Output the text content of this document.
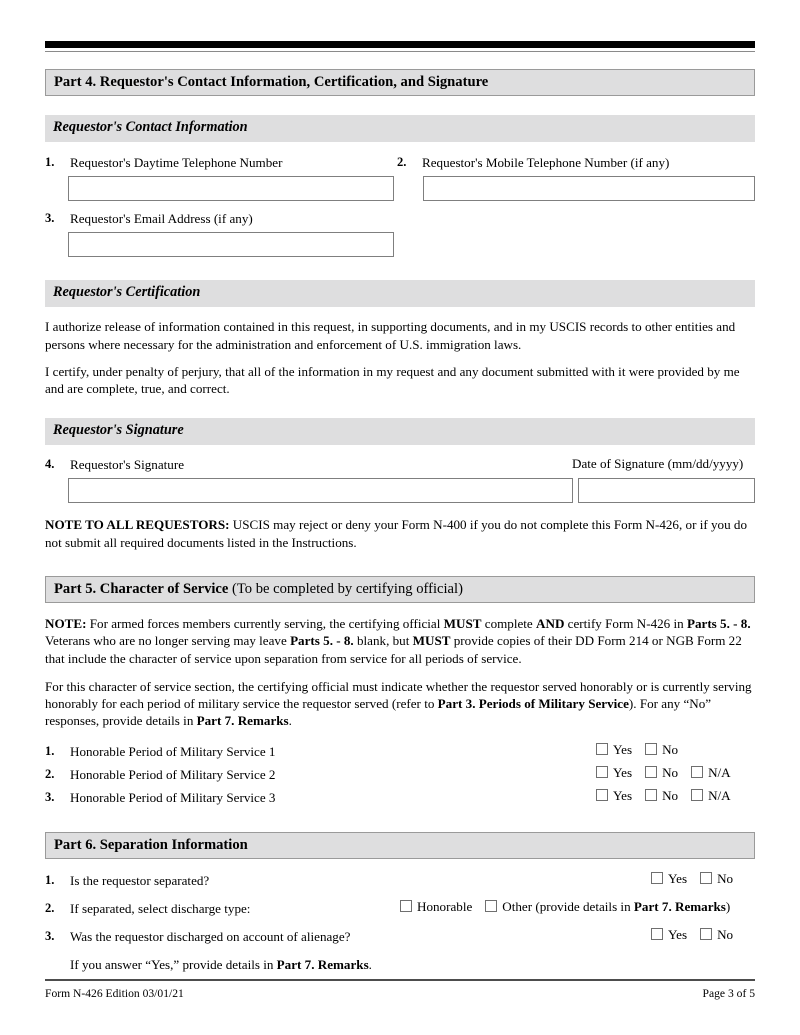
Part 4. Requestor's Contact Information, Certification, and Signature
Requestor's Contact Information
1.	Requestor's Daytime Telephone Number	2.	Requestor's Mobile Telephone Number (if any)
3.	Requestor's Email Address (if any)
Requestor's Certification

I authorize release of information contained in this request, in supporting documents, and in my USCIS records to other entities and persons where necessary for the administration and enforcement of U.S. immigration laws.

I certify, under penalty of perjury, that all of the information in my request and any document submitted with it were provided by me and are complete, true, and correct.

Requestor's Signature
4.	Requestor's Signature	Date of Signature (mm/dd/yyyy)

NOTE TO ALL REQUESTORS: USCIS may reject or deny your Form N-400 if you do not complete this Form N-426, or if you do not submit all required documents listed in the Instructions.

Part 5. Character of Service (To be completed by certifying official)

NOTE: For armed forces members currently serving, the certifying official MUST complete AND certify Form N-426 in Parts 5. - 8. Veterans who are no longer serving may leave Parts 5. - 8. blank, but MUST provide copies of their DD Form 214 or NGB Form 22 that include the character of service upon separation from service for all periods of service.

For this character of service section, the certifying official must indicate whether the requestor served honorably or is currently serving honorably for each period of military service the requestor served (refer to Part 3. Periods of Military Service). For any “No” responses, provide details in Part 7. Remarks.

1.	Honorable Period of Military Service 1	Yes No
2.	Honorable Period of Military Service 2	Yes No N/A
3.	Honorable Period of Military Service 3	Yes No N/A
Part 6. Separation Information
1.	Is the requestor separated?	Yes No
2.	If separated, select discharge type:	Honorable Other (provide details in Part 7. Remarks)
3.	Was the requestor discharged on account of alienage?	Yes No

If you answer “Yes,” provide details in Part 7. Remarks.

Form N-426 Edition 03/01/21	Page 3 of 5
